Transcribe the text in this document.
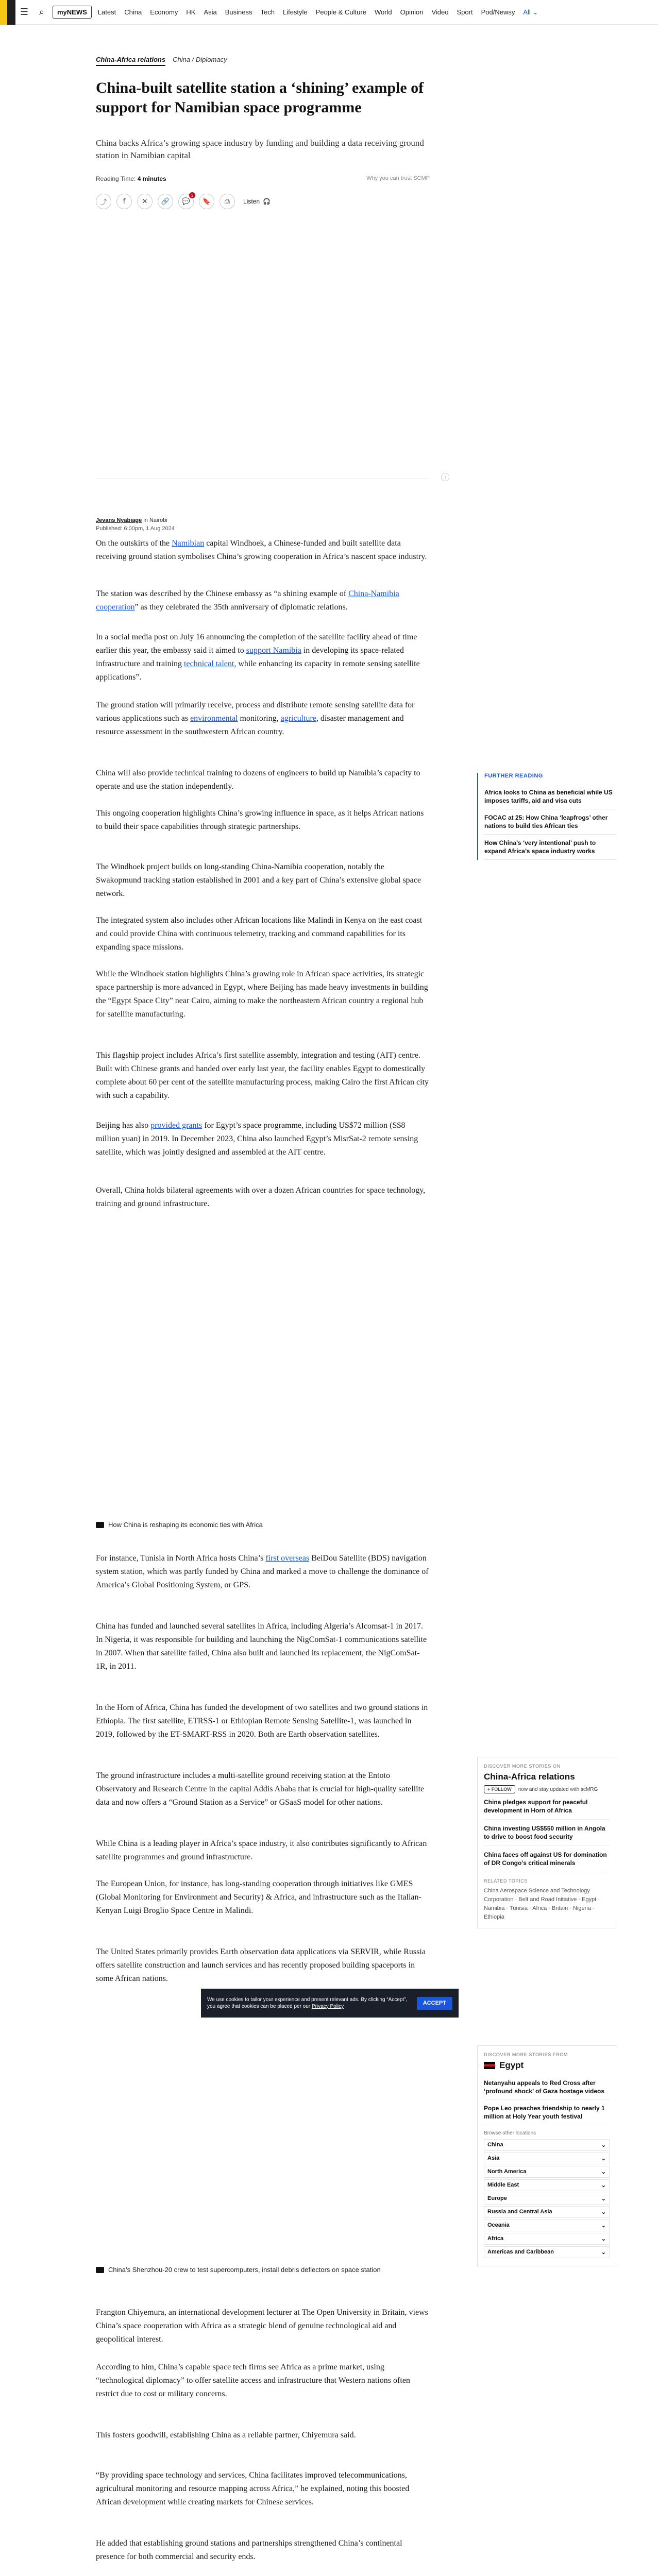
☰	⌕	myNEWS	Latest China Economy HK Asia Business Tech Lifestyle People & Culture World Opinion Video Sport Pod/Newsy All ⌄
China-Africa relations China / Diplomacy
China-built satellite station a ‘shining’ example of support for Namibian space programme

China backs Africa’s growing space industry by funding and building a data receiving ground station in Namibian capital

Reading Time: 4 minutes	Why you can trust SCMP
⤴	f	✕	🔗	💬
3
🔖	⎙	Listen 🎧
i
Jevans Nyabiage in Nairobi
Published: 6:00pm, 1 Aug 2024

On the outskirts of the Namibian capital Windhoek, a Chinese-funded and built satellite data receiving ground station symbolises China’s growing cooperation in Africa’s nascent space industry.

The station was described by the Chinese embassy as “a shining example of China-Namibia cooperation” as they celebrated the 35th anniversary of diplomatic relations.

In a social media post on July 16 announcing the completion of the satellite facility ahead of time earlier this year, the embassy said it aimed to support Namibia in developing its space-related infrastructure and training technical talent, while enhancing its capacity in remote sensing satellite applications”.

The ground station will primarily receive, process and distribute remote sensing satellite data for various applications such as environmental monitoring, agriculture, disaster management and resource assessment in the southwestern African country.

China will also provide technical training to dozens of engineers to build up Namibia’s capacity to operate and use the station independently.

This ongoing cooperation highlights China’s growing influence in space, as it helps African nations to build their space capabilities through strategic partnerships.

The Windhoek project builds on long-standing China-Namibia cooperation, notably the Swakopmund tracking station established in 2001 and a key part of China’s extensive global space network.

The integrated system also includes other African locations like Malindi in Kenya on the east coast and could provide China with continuous telemetry, tracking and command capabilities for its expanding space missions.

While the Windhoek station highlights China’s growing role in African space activities, its strategic space partnership is more advanced in Egypt, where Beijing has made heavy investments in building the “Egypt Space City” near Cairo, aiming to make the northeastern African country a regional hub for satellite manufacturing.

This flagship project includes Africa’s first satellite assembly, integration and testing (AIT) centre. Built with Chinese grants and handed over early last year, the facility enables Egypt to domestically complete about 60 per cent of the satellite manufacturing process, making Cairo the first African city with such a capability.

Beijing has also provided grants for Egypt’s space programme, including US$72 million (S$8 million yuan) in 2019. In December 2023, China also launched Egypt’s MisrSat-2 remote sensing satellite, which was jointly designed and assembled at the AIT centre.

Overall, China holds bilateral agreements with over a dozen African countries for space technology, training and ground infrastructure.

How China is reshaping its economic ties with Africa

For instance, Tunisia in North Africa hosts China’s first overseas BeiDou Satellite (BDS) navigation system station, which was partly funded by China and marked a move to challenge the dominance of America’s Global Positioning System, or GPS.

China has funded and launched several satellites in Africa, including Algeria’s Alcomsat-1 in 2017. In Nigeria, it was responsible for building and launching the NigComSat-1 communications satellite in 2007. When that satellite failed, China also built and launched its replacement, the NigComSat-1R, in 2011.

In the Horn of Africa, China has funded the development of two satellites and two ground stations in Ethiopia. The first satellite, ETRSS-1 or Ethiopian Remote Sensing Satellite-1, was launched in 2019, followed by the ET-SMART-RSS in 2020. Both are Earth observation satellites.

The ground infrastructure includes a multi-satellite ground receiving station at the Entoto Observatory and Research Centre in the capital Addis Ababa that is crucial for high-quality satellite data and now offers a “Ground Station as a Service” or GSaaS model for other nations.

While China is a leading player in Africa’s space industry, it also contributes significantly to African satellite programmes and ground infrastructure.

The European Union, for instance, has long-standing cooperation through initiatives like GMES (Global Monitoring for Environment and Security) & Africa, and infrastructure such as the Italian-Kenyan Luigi Broglio Space Centre in Malindi.

The United States primarily provides Earth observation data applications via SERVIR, while Russia offers satellite construction and launch services and has recently proposed building spaceports in some African nations.

China’s Shenzhou-20 crew to test supercomputers, install debris deflectors on space station

Frangton Chiyemura, an international development lecturer at The Open University in Britain, views China’s space cooperation with Africa as a strategic blend of genuine technological aid and geopolitical interest.

According to him, China’s capable space tech firms see Africa as a prime market, using “technological diplomacy” to offer satellite access and infrastructure that Western nations often restrict due to cost or military concerns.

This fosters goodwill, establishing China as a reliable partner, Chiyemura said.

“By providing space technology and services, China facilitates improved telecommunications, agricultural monitoring and resource mapping across Africa,” he explained, noting this boosted African development while creating markets for Chinese services.

He added that establishing ground stations and partnerships strengthened China’s continental presence for both commercial and security ends.

FURTHER READING
Africa looks to China as beneficial while US imposes tariffs, aid and visa cuts
FOCAC at 25: How China ‘leapfrogs’ other nations to build ties African ties
How China’s ‘very intentional’ push to expand Africa’s space industry works
DISCOVER MORE STORIES ON
China-Africa relations
+ FOLLOW	now and stay updated with scMRG
China pledges support for peaceful development in Horn of Africa
China investing US$550 million in Angola to drive to boost food security
China faces off against US for domination of DR Congo’s critical minerals
RELATED TOPICS
China Aerospace Science and Technology Corporation · Belt and Road Initiative · Egypt · Namibia · Tunisia · Africa · Britain · Nigeria · Ethiopia
DISCOVER MORE STORIES FROM
Egypt
Netanyahu appeals to Red Cross after ‘profound shock’ of Gaza hostage videos
Pope Leo preaches friendship to nearly 1 million at Holy Year youth festival
Browse other locations
China	⌄
Asia	⌄
North America	⌄
Middle East	⌄
Europe	⌄
Russia and Central Asia	⌄
Oceania	⌄
Africa	⌄
Americas and Caribbean	⌄
We use cookies to tailor your experience and present relevant ads. By clicking “Accept”, you agree that cookies can be placed per our Privacy Policy
ACCEPT
